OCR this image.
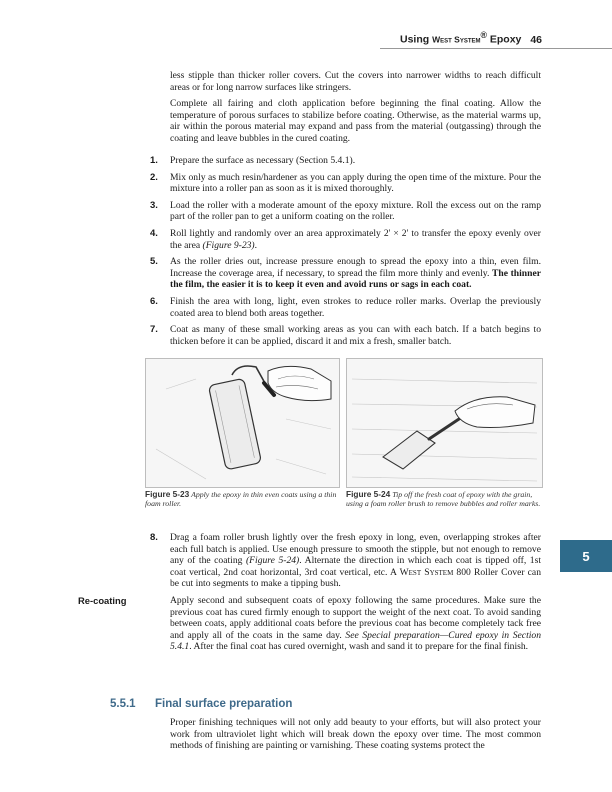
Using West System® Epoxy 46

less stipple than thicker roller covers. Cut the covers into narrower widths to reach difficult areas or for long narrow surfaces like stringers.

Complete all fairing and cloth application before beginning the final coating. Allow the temperature of porous surfaces to stabilize before coating. Otherwise, as the material warms up, air within the porous material may expand and pass from the material (outgassing) through the coating and leave bubbles in the cured coating.

1. Prepare the surface as necessary (Section 5.4.1).
2. Mix only as much resin/hardener as you can apply during the open time of the mixture. Pour the mixture into a roller pan as soon as it is mixed thoroughly.
3. Load the roller with a moderate amount of the epoxy mixture. Roll the excess out on the ramp part of the roller pan to get a uniform coating on the roller.
4. Roll lightly and randomly over an area approximately 2' × 2' to transfer the epoxy evenly over the area (Figure 9-23).
5. As the roller dries out, increase pressure enough to spread the epoxy into a thin, even film. Increase the coverage area, if necessary, to spread the film more thinly and evenly. The thinner the film, the easier it is to keep it even and avoid runs or sags in each coat.
6. Finish the area with long, light, even strokes to reduce roller marks. Overlap the previously coated area to blend both areas together.
7. Coat as many of these small working areas as you can with each batch. If a batch begins to thicken before it can be applied, discard it and mix a fresh, smaller batch.
Figure 5-23 Apply the epoxy in thin even coats using a thin foam roller.
Figure 5-24 Tip off the fresh coat of epoxy with the grain, using a foam roller brush to remove bubbles and roller marks.
8. Drag a foam roller brush lightly over the fresh epoxy in long, even, overlapping strokes after each full batch is applied. Use enough pressure to smooth the stipple, but not enough to remove any of the coating (Figure 5-24). Alternate the direction in which each coat is tipped off, 1st coat vertical, 2nd coat horizontal, 3rd coat vertical, etc. A West System 800 Roller Cover can be cut into segments to make a tipping bush.
5
Re-coating	Apply second and subsequent coats of epoxy following the same procedures. Make sure the previous coat has cured firmly enough to support the weight of the next coat. To avoid sanding between coats, apply additional coats before the previous coat has become completely tack free and apply all of the coats in the same day. See Special preparation—Cured epoxy in Section 5.4.1. After the final coat has cured overnight, wash and sand it to prepare for the final finish.

5.5.1 Final surface preparation

Proper finishing techniques will not only add beauty to your efforts, but will also protect your work from ultraviolet light which will break down the epoxy over time. The most common methods of finishing are painting or varnishing. These coating systems protect the
